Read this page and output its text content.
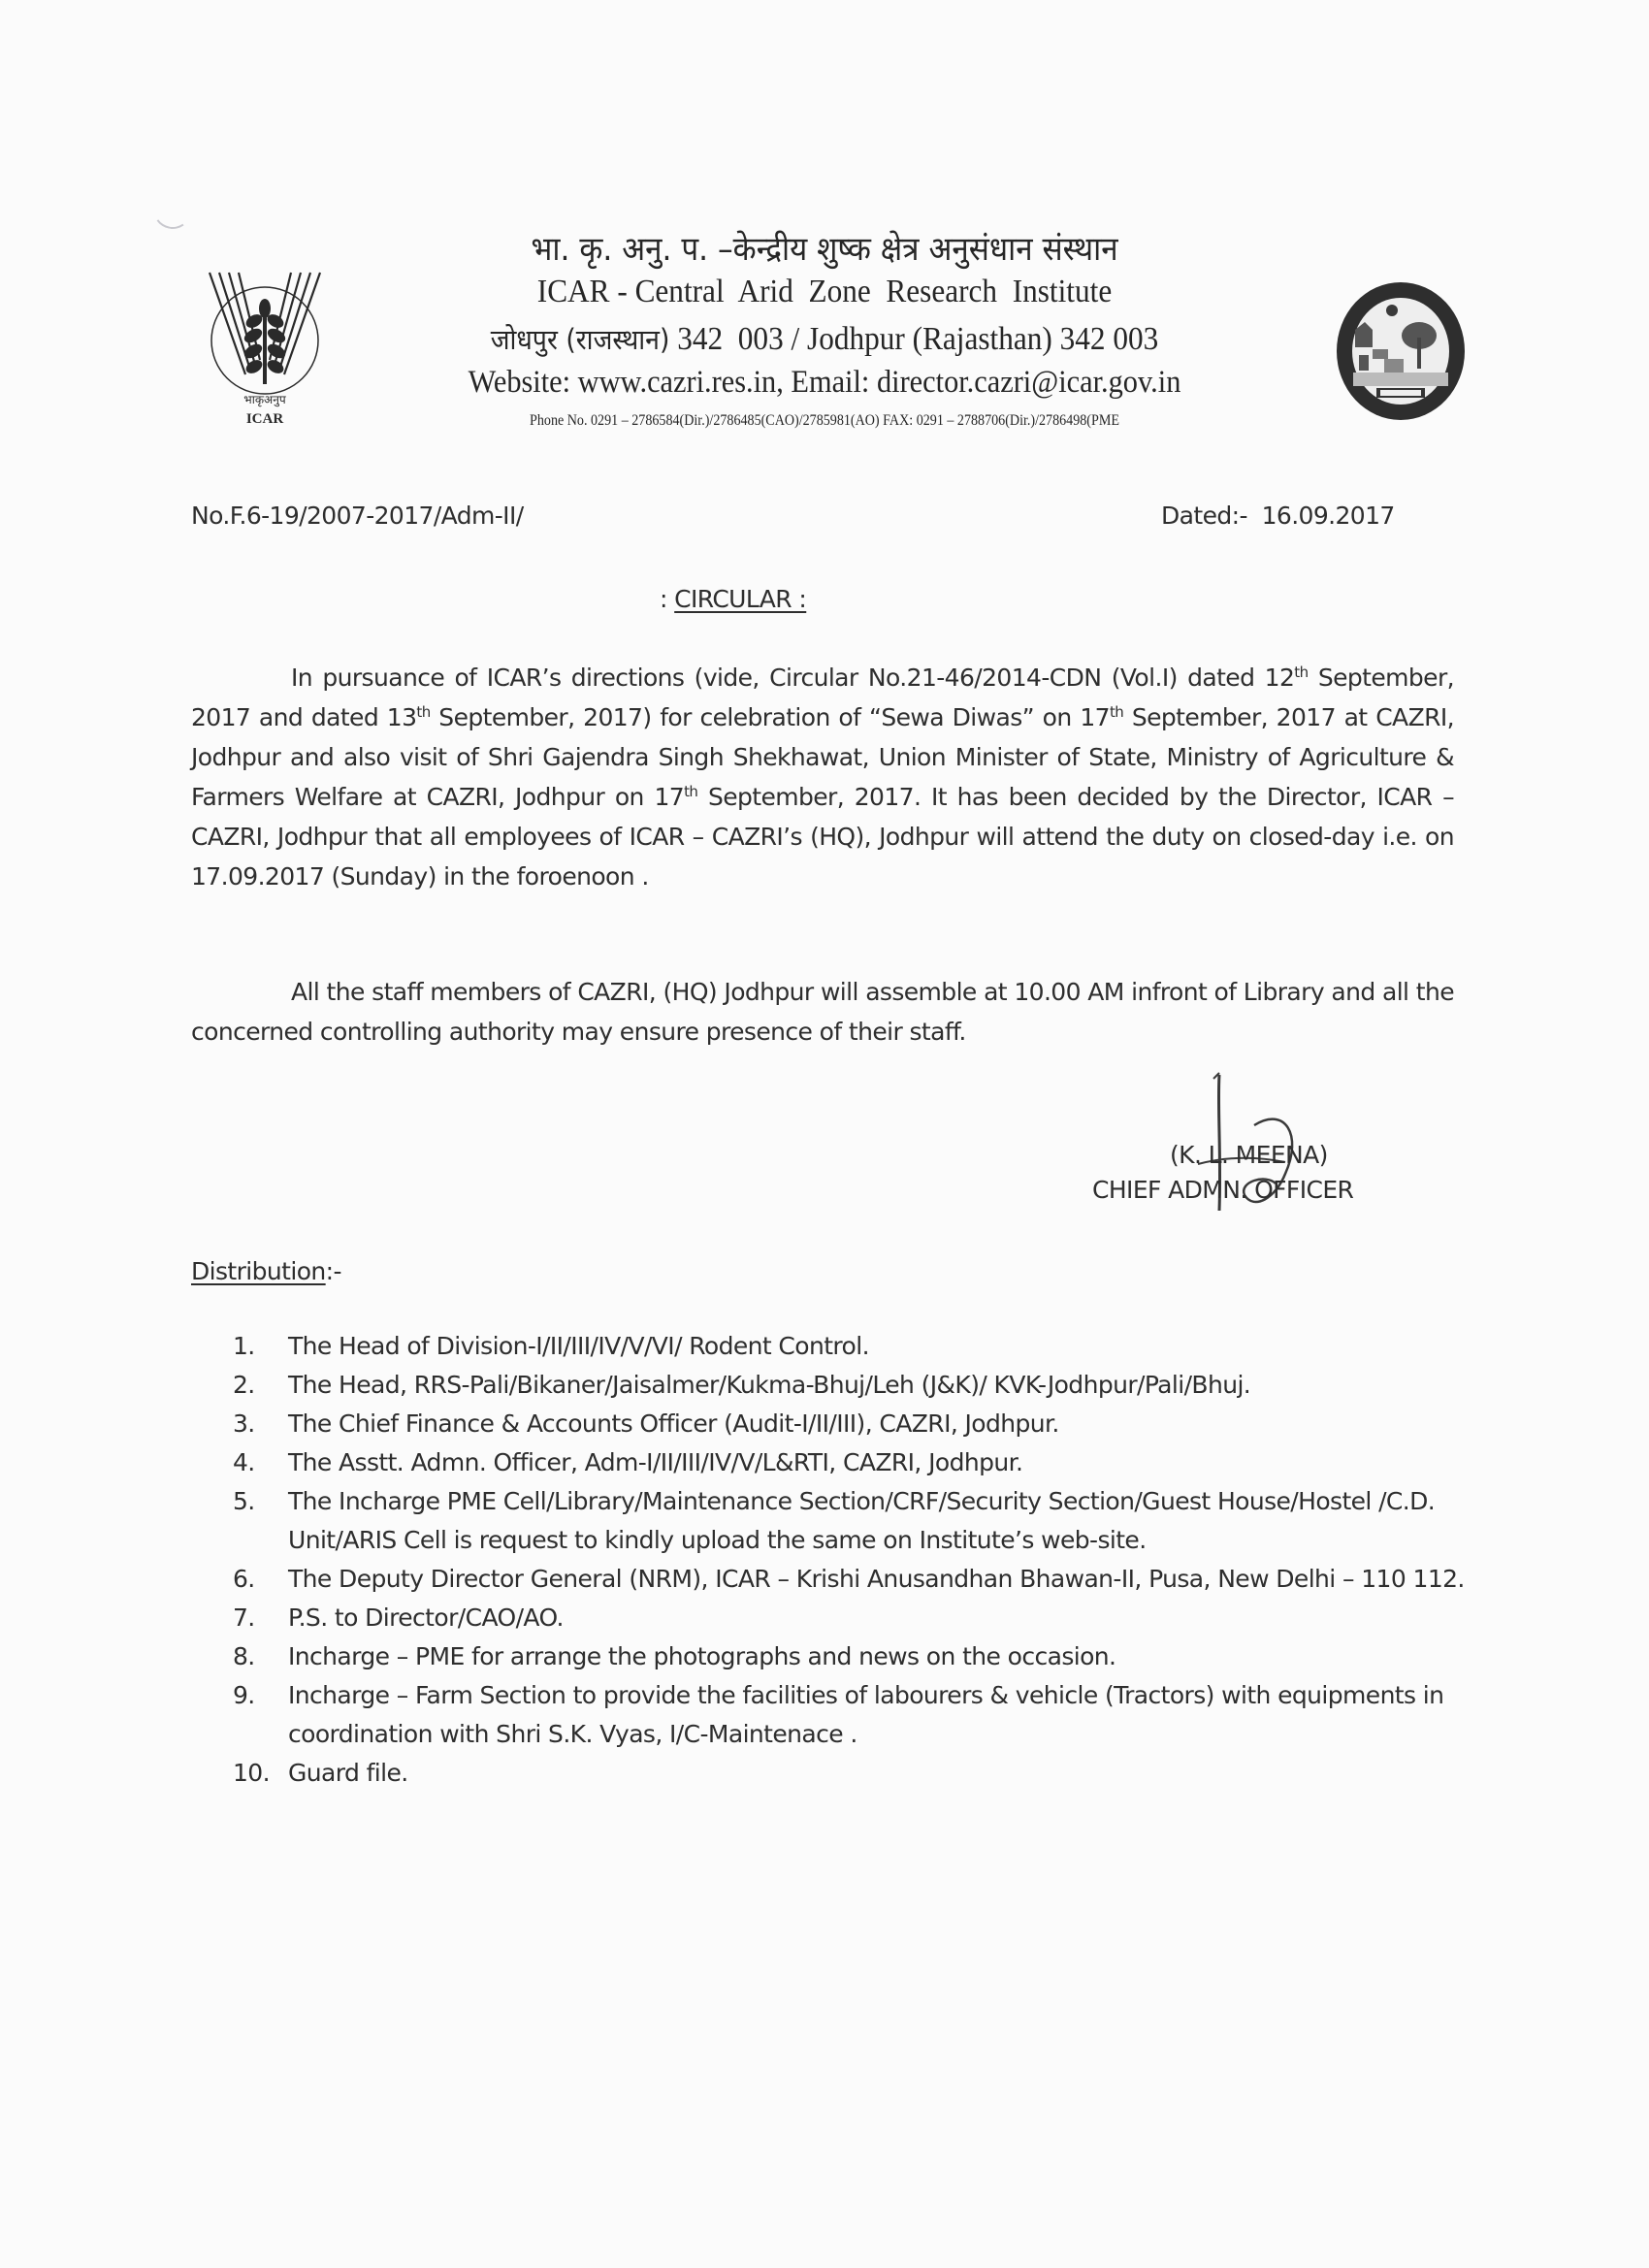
भाकृअनुप
ICAR
भा. कृ. अनु. प. –केन्द्रीय शुष्क क्षेत्र अनुसंधान संस्थान
ICAR - Central  Arid  Zone  Research  Institute
जोधपुर (राजस्थान) 342  003 / Jodhpur (Rajasthan) 342 003
Website: www.cazri.res.in, Email: director.cazri@icar.gov.in
Phone No. 0291 – 2786584(Dir.)/2786485(CAO)/2785981(AO) FAX: 0291 – 2788706(Dir.)/2786498(PME
No.F.6-19/2007-2017/Adm-II/	Dated:- 16.09.2017
: CIRCULAR :

In pursuance of ICAR’s directions (vide, Circular No.21-46/2014-CDN (Vol.I) dated 12th September, 2017 and dated 13th September, 2017) for celebration of “Sewa Diwas” on 17th September, 2017 at CAZRI, Jodhpur and also visit of Shri Gajendra Singh Shekhawat, Union Minister of State, Ministry of Agriculture & Farmers Welfare at CAZRI, Jodhpur on 17th September, 2017. It has been decided by the Director, ICAR – CAZRI, Jodhpur that all employees of ICAR – CAZRI’s (HQ), Jodhpur will attend the duty on closed-day i.e. on 17.09.2017 (Sunday) in the foroenoon .

All the staff members of CAZRI, (HQ) Jodhpur will assemble at 10.00 AM infront of Library and all the concerned controlling authority may ensure presence of their staff.

(K. L. MEENA)
CHIEF ADMN. OFFICER
Distribution:-
1.	The Head of Division-I/II/III/IV/V/VI/ Rodent Control.
2.	The Head, RRS-Pali/Bikaner/Jaisalmer/Kukma-Bhuj/Leh (J&K)/ KVK-Jodhpur/Pali/Bhuj.
3.	The Chief Finance & Accounts Officer (Audit-I/II/III), CAZRI, Jodhpur.
4.	The Asstt. Admn. Officer, Adm-I/II/III/IV/V/L&RTI, CAZRI, Jodhpur.
5.	The Incharge PME Cell/Library/Maintenance Section/CRF/Security Section/Guest House/Hostel /C.D. Unit/ARIS Cell is request to kindly upload the same on Institute’s web-site.
6.	The Deputy Director General (NRM), ICAR – Krishi Anusandhan Bhawan-II, Pusa, New Delhi – 110 112.
7.	P.S. to Director/CAO/AO.
8.	Incharge – PME for arrange the photographs and news on the occasion.
9.	Incharge – Farm Section to provide the facilities of labourers & vehicle (Tractors) with equipments in coordination with Shri S.K. Vyas, I/C-Maintenace .
10. Guard file.
